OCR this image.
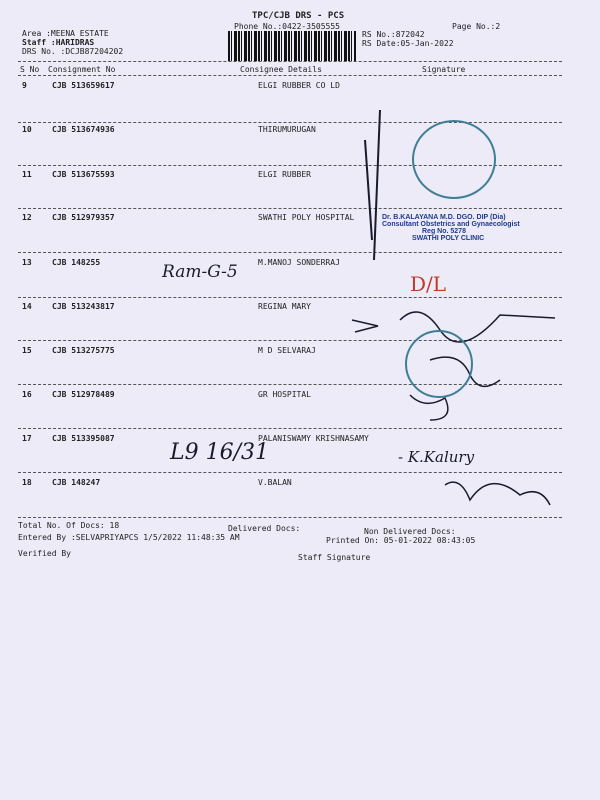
TPC/CJB DRS - PCS
Phone No.:0422-3505555	Page No.:2
Area :MEENA ESTATE
Staff :HARIDRAS
DRS No. :DCJB87204202
RS No.:872042
RS Date:05-Jan-2022
S No Consignment No	Consignee Details	Signature
9	CJB 513659617	ELGI RUBBER CO LD
10	CJB 513674936	THIRUMURUGAN
11	CJB 513675593	ELGI RUBBER
12	CJB 512979357	SWATHI POLY HOSPITAL
13	CJB 148255	M.MANOJ SONDERRAJ
14	CJB 513243817	REGINA MARY
15	CJB 513275775	M D SELVARAJ
16	CJB 512978489	GR HOSPITAL
17	CJB 513395087	PALANISWAMY KRISHNASAMY
18	CJB 148247	V.BALAN
Total No. Of Docs: 18	Delivered Docs:	Non Delivered Docs:
Entered By :SELVAPRIYAPCS 1/5/2022 11:48:35 AM	Printed On: 05-01-2022 08:43:05
Verified By	Staff Signature
Dr. B.KALAYANA M.D. DGO. DIP (Dia)
Consultant Obstetrics and Gynaecologist
Reg No. 5278
SWATHI POLY CLINIC
Ram-G-5	D/L
L9 16/31	- K.Kalury
